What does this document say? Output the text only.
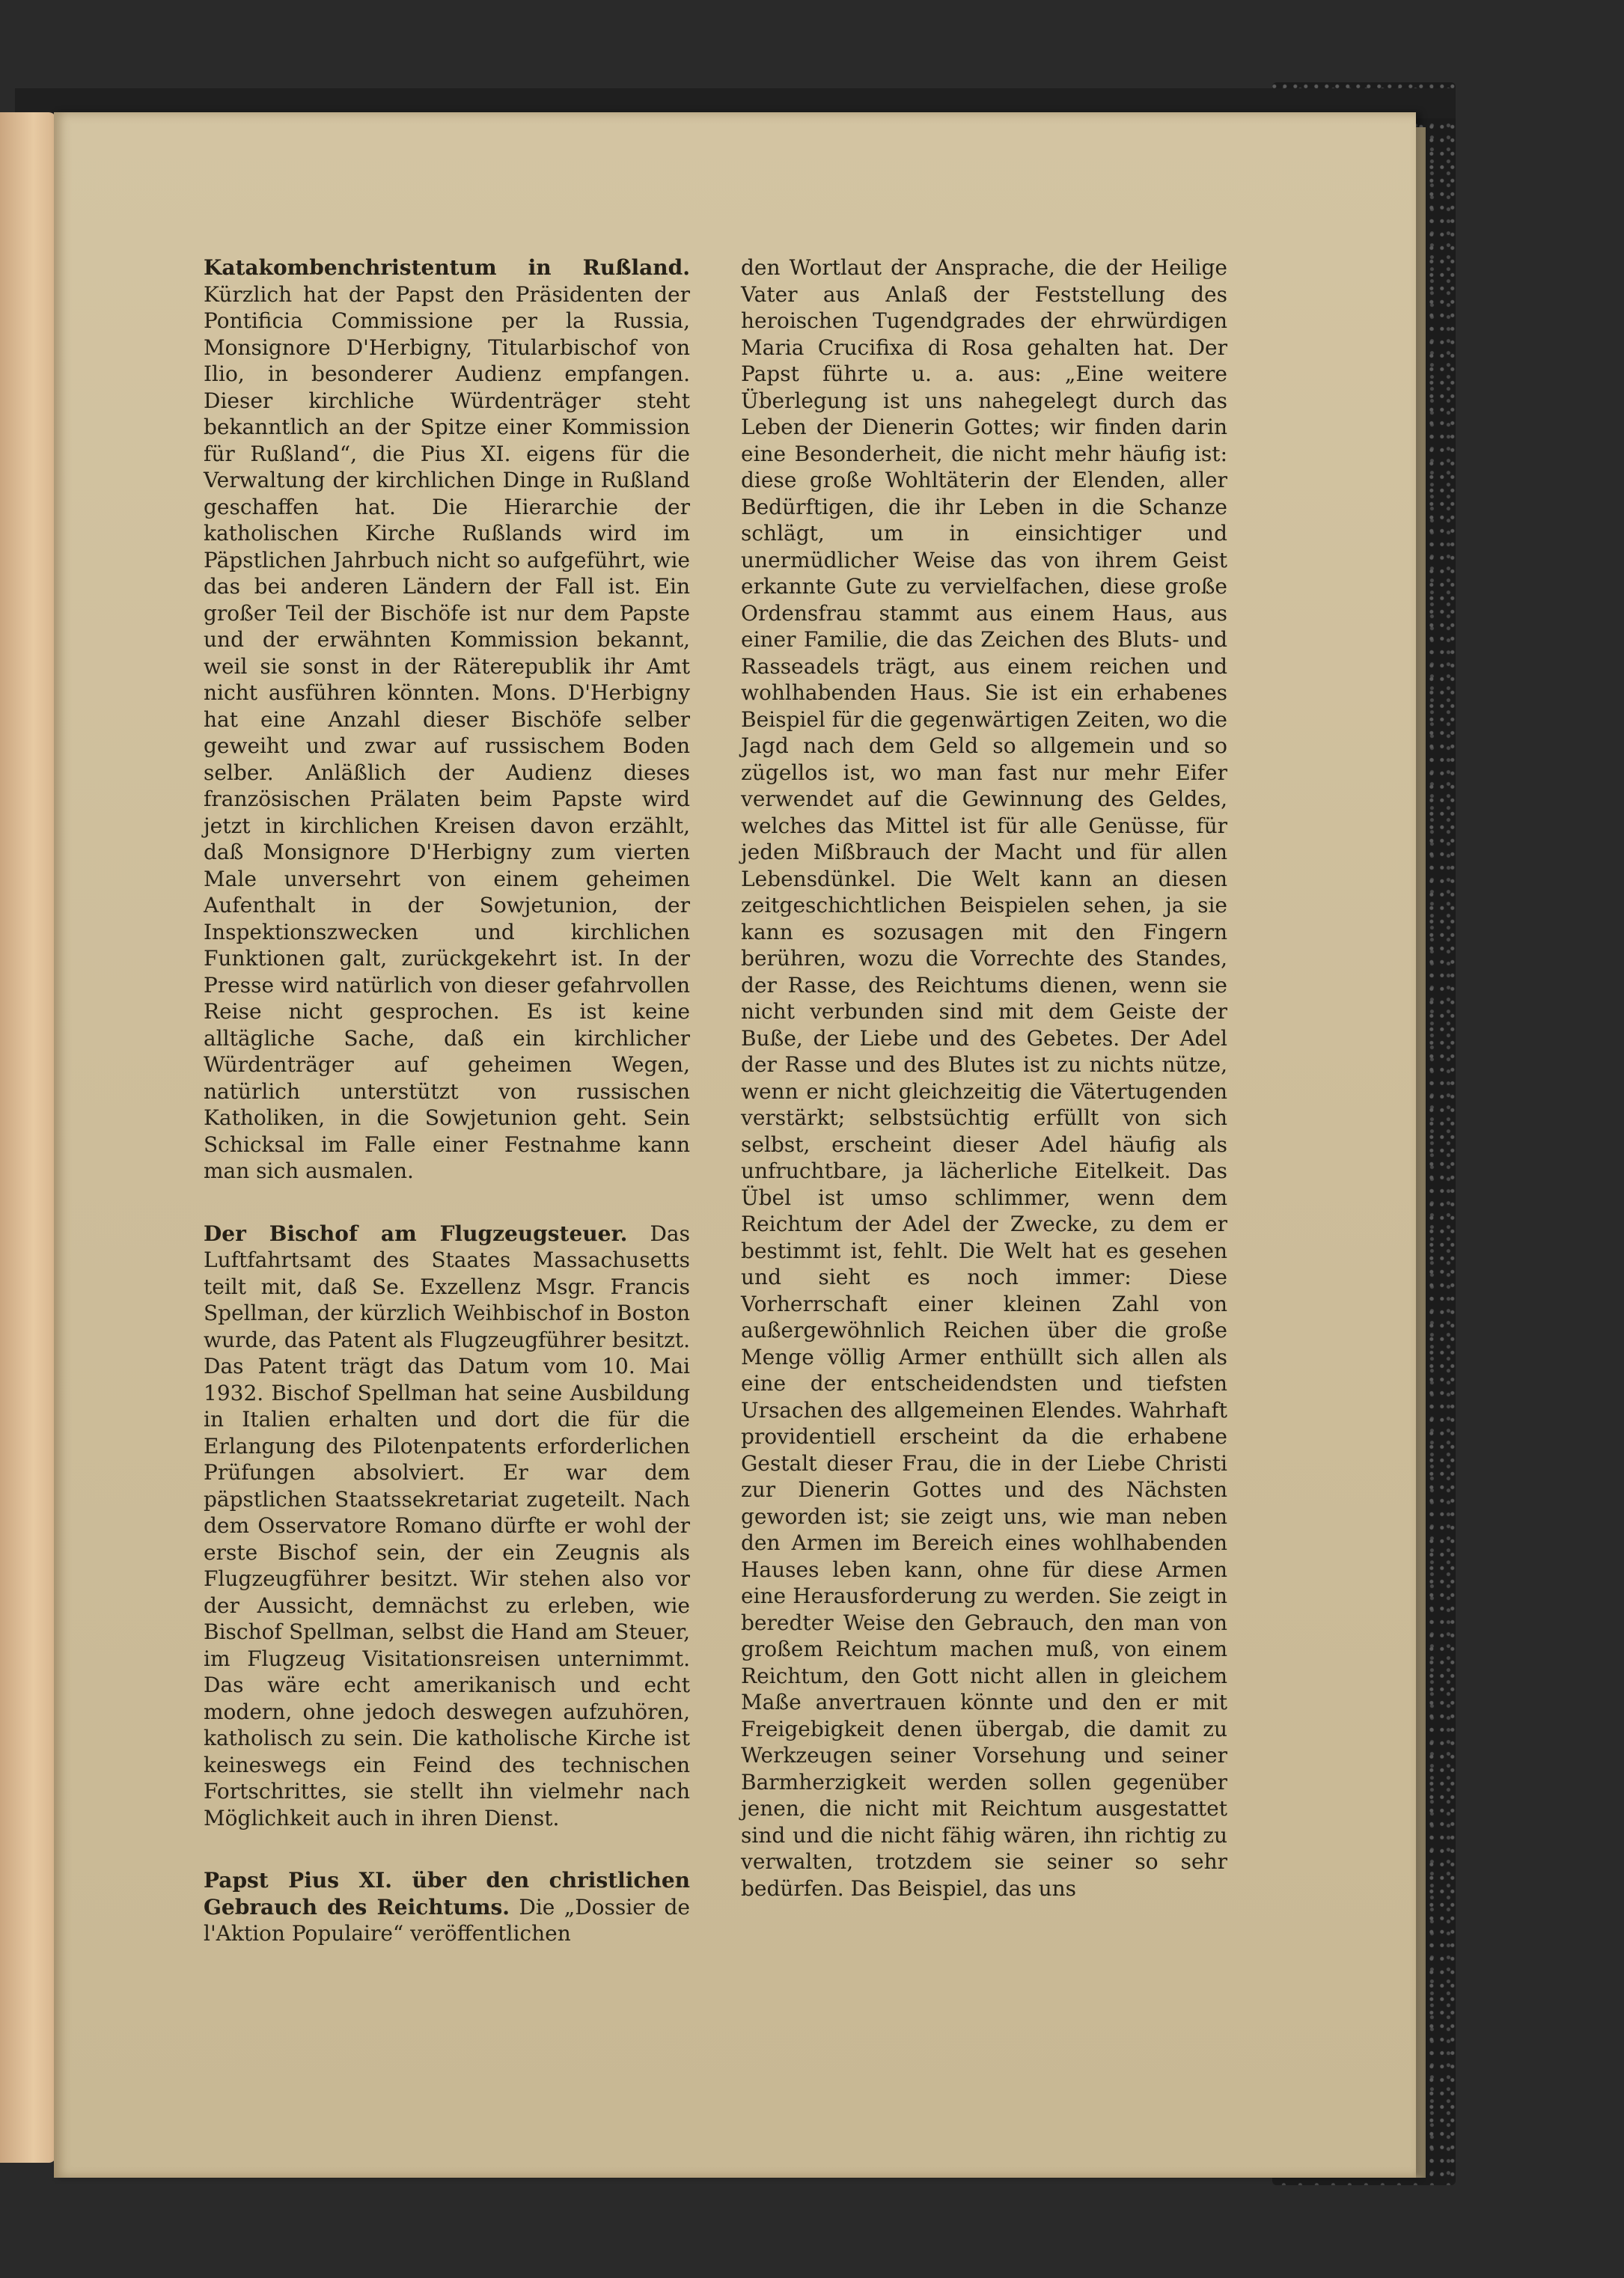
Katakombenchristentum in Rußland. Kürzlich hat der Papst den Präsidenten der Pontificia Commissione per la Russia, Monsignore D'Herbigny, Titularbischof von Ilio, in besonderer Audienz empfangen. Dieser kirchliche Würdenträger steht bekanntlich an der Spitze einer Kommission für Rußland“, die Pius XI. eigens für die Verwaltung der kirchlichen Dinge in Rußland geschaffen hat. Die Hierarchie der katholischen Kirche Rußlands wird im Päpstlichen Jahrbuch nicht so aufgeführt, wie das bei anderen Ländern der Fall ist. Ein großer Teil der Bischöfe ist nur dem Papste und der erwähnten Kommission bekannt, weil sie sonst in der Räterepublik ihr Amt nicht ausführen könnten. Mons. D'Herbigny hat eine Anzahl dieser Bischöfe selber geweiht und zwar auf russischem Boden selber. Anläßlich der Audienz dieses französischen Prälaten beim Papste wird jetzt in kirchlichen Kreisen davon erzählt, daß Monsignore D'Herbigny zum vierten Male unversehrt von einem geheimen Aufenthalt in der Sowjetunion, der Inspektionszwecken und kirchlichen Funktionen galt, zurückgekehrt ist. In der Presse wird natürlich von dieser gefahrvollen Reise nicht gesprochen. Es ist keine alltägliche Sache, daß ein kirchlicher Würdenträger auf geheimen Wegen, natürlich unterstützt von russischen Katholiken, in die Sowjetunion geht. Sein Schicksal im Falle einer Festnahme kann man sich ausmalen.

Der Bischof am Flugzeugsteuer. Das Luftfahrtsamt des Staates Massachusetts teilt mit, daß Se. Exzellenz Msgr. Francis Spellman, der kürzlich Weihbischof in Boston wurde, das Patent als Flugzeugführer besitzt. Das Patent trägt das Datum vom 10. Mai 1932. Bischof Spellman hat seine Ausbildung in Italien erhalten und dort die für die Erlangung des Pilotenpatents erforderlichen Prüfungen absolviert. Er war dem päpstlichen Staatssekretariat zugeteilt. Nach dem Osservatore Romano dürfte er wohl der erste Bischof sein, der ein Zeugnis als Flugzeugführer besitzt. Wir stehen also vor der Aussicht, demnächst zu erleben, wie Bischof Spellman, selbst die Hand am Steuer, im Flugzeug Visitationsreisen unternimmt. Das wäre echt amerikanisch und echt modern, ohne jedoch deswegen aufzuhören, katholisch zu sein. Die katholische Kirche ist keineswegs ein Feind des technischen Fortschrittes, sie stellt ihn vielmehr nach Möglichkeit auch in ihren Dienst.

Papst Pius XI. über den christlichen Gebrauch des Reichtums. Die „Dossier de l'Aktion Populaire“ veröffentlichen

den Wortlaut der Ansprache, die der Heilige Vater aus Anlaß der Feststellung des heroischen Tugendgrades der ehrwürdigen Maria Crucifixa di Rosa gehalten hat. Der Papst führte u. a. aus: „Eine weitere Überlegung ist uns nahegelegt durch das Leben der Dienerin Gottes; wir finden darin eine Besonderheit, die nicht mehr häufig ist: diese große Wohltäterin der Elenden, aller Bedürftigen, die ihr Leben in die Schanze schlägt, um in einsichtiger und unermüdlicher Weise das von ihrem Geist erkannte Gute zu vervielfachen, diese große Ordensfrau stammt aus einem Haus, aus einer Familie, die das Zeichen des Bluts- und Rasseadels trägt, aus einem reichen und wohlhabenden Haus. Sie ist ein erhabenes Beispiel für die gegenwärtigen Zeiten, wo die Jagd nach dem Geld so allgemein und so zügellos ist, wo man fast nur mehr Eifer verwendet auf die Gewinnung des Geldes, welches das Mittel ist für alle Genüsse, für jeden Mißbrauch der Macht und für allen Lebensdünkel. Die Welt kann an diesen zeitgeschichtlichen Beispielen sehen, ja sie kann es sozusagen mit den Fingern berühren, wozu die Vorrechte des Standes, der Rasse, des Reichtums dienen, wenn sie nicht verbunden sind mit dem Geiste der Buße, der Liebe und des Gebetes. Der Adel der Rasse und des Blutes ist zu nichts nütze, wenn er nicht gleichzeitig die Vätertugenden verstärkt; selbstsüchtig erfüllt von sich selbst, erscheint dieser Adel häufig als unfruchtbare, ja lächerliche Eitelkeit. Das Übel ist umso schlimmer, wenn dem Reichtum der Adel der Zwecke, zu dem er bestimmt ist, fehlt. Die Welt hat es gesehen und sieht es noch immer: Diese Vorherrschaft einer kleinen Zahl von außergewöhnlich Reichen über die große Menge völlig Armer enthüllt sich allen als eine der entscheidendsten und tiefsten Ursachen des allgemeinen Elendes. Wahrhaft providentiell erscheint da die erhabene Gestalt dieser Frau, die in der Liebe Christi zur Dienerin Gottes und des Nächsten geworden ist; sie zeigt uns, wie man neben den Armen im Bereich eines wohlhabenden Hauses leben kann, ohne für diese Armen eine Herausforderung zu werden. Sie zeigt in beredter Weise den Gebrauch, den man von großem Reichtum machen muß, von einem Reichtum, den Gott nicht allen in gleichem Maße anvertrauen könnte und den er mit Freigebigkeit denen übergab, die damit zu Werkzeugen seiner Vorsehung und seiner Barmherzigkeit werden sollen gegenüber jenen, die nicht mit Reichtum ausgestattet sind und die nicht fähig wären, ihn richtig zu verwalten, trotzdem sie seiner so sehr bedürfen. Das Beispiel, das uns
